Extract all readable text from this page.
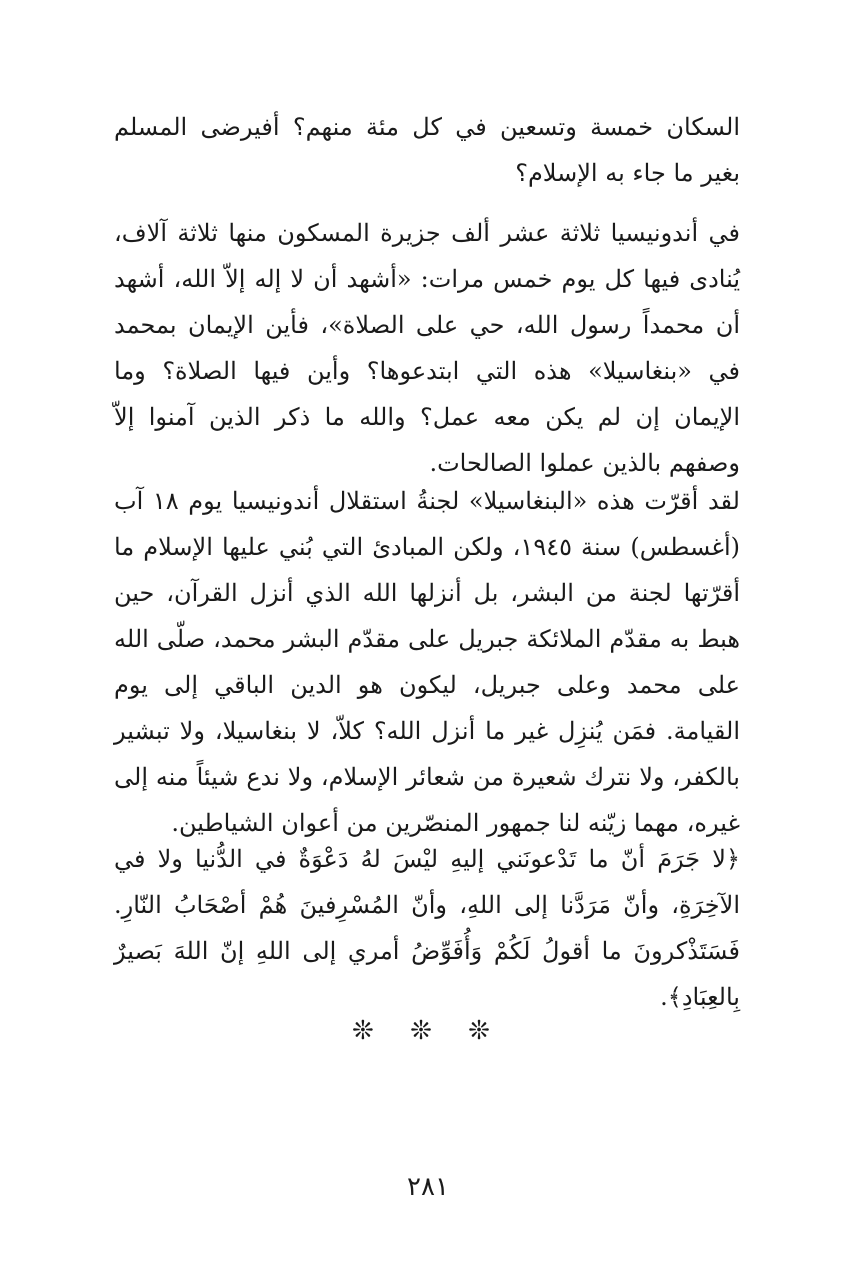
السكان خمسة وتسعين في كل مئة منهم؟ أفيرضى المسلم بغير ما جاء به الإسلام؟

في أندونيسيا ثلاثة عشر ألف جزيرة المسكون منها ثلاثة آلاف، يُنادى فيها كل يوم خمس مرات: «أشهد أن لا إله إلاّ الله، أشهد أن محمداً رسول الله، حي على الصلاة»، فأين الإيمان بمحمد في «بنغاسيلا» هذه التي ابتدعوها؟ وأين فيها الصلاة؟ وما الإيمان إن لم يكن معه عمل؟ والله ما ذكر الذين آمنوا إلاّ وصفهم بالذين عملوا الصالحات.

لقد أقرّت هذه «البنغاسيلا» لجنةُ استقلال أندونيسيا يوم ١٨ آب (أغسطس) سنة ١٩٤٥، ولكن المبادئ التي بُني عليها الإسلام ما أقرّتها لجنة من البشر، بل أنزلها الله الذي أنزل القرآن، حين هبط به مقدّم الملائكة جبريل على مقدّم البشر محمد، صلّى الله على محمد وعلى جبريل، ليكون هو الدين الباقي إلى يوم القيامة. فمَن يُنزِل غير ما أنزل الله؟ كلاّ، لا بنغاسيلا، ولا تبشير بالكفر، ولا نترك شعيرة من شعائر الإسلام، ولا ندع شيئاً منه إلى غيره، مهما زيّنه لنا جمهور المنصّرين من أعوان الشياطين.

﴿لا جَرَمَ أنّ ما تَدْعونَني إليهِ ليْسَ لهُ دَعْوَةٌ في الدُّنيا ولا في الآخِرَةِ، وأنّ مَرَدَّنا إلى اللهِ، وأنّ المُسْرِفينَ هُمْ أصْحَابُ النّارِ. فَسَتَذْكرونَ ما أقولُ لَكُمْ وَأُفَوِّضُ أمري إلى اللهِ إنّ اللهَ بَصيرٌ بِالعِبَادِ﴾.

❊ ❊ ❊
٢٨١
